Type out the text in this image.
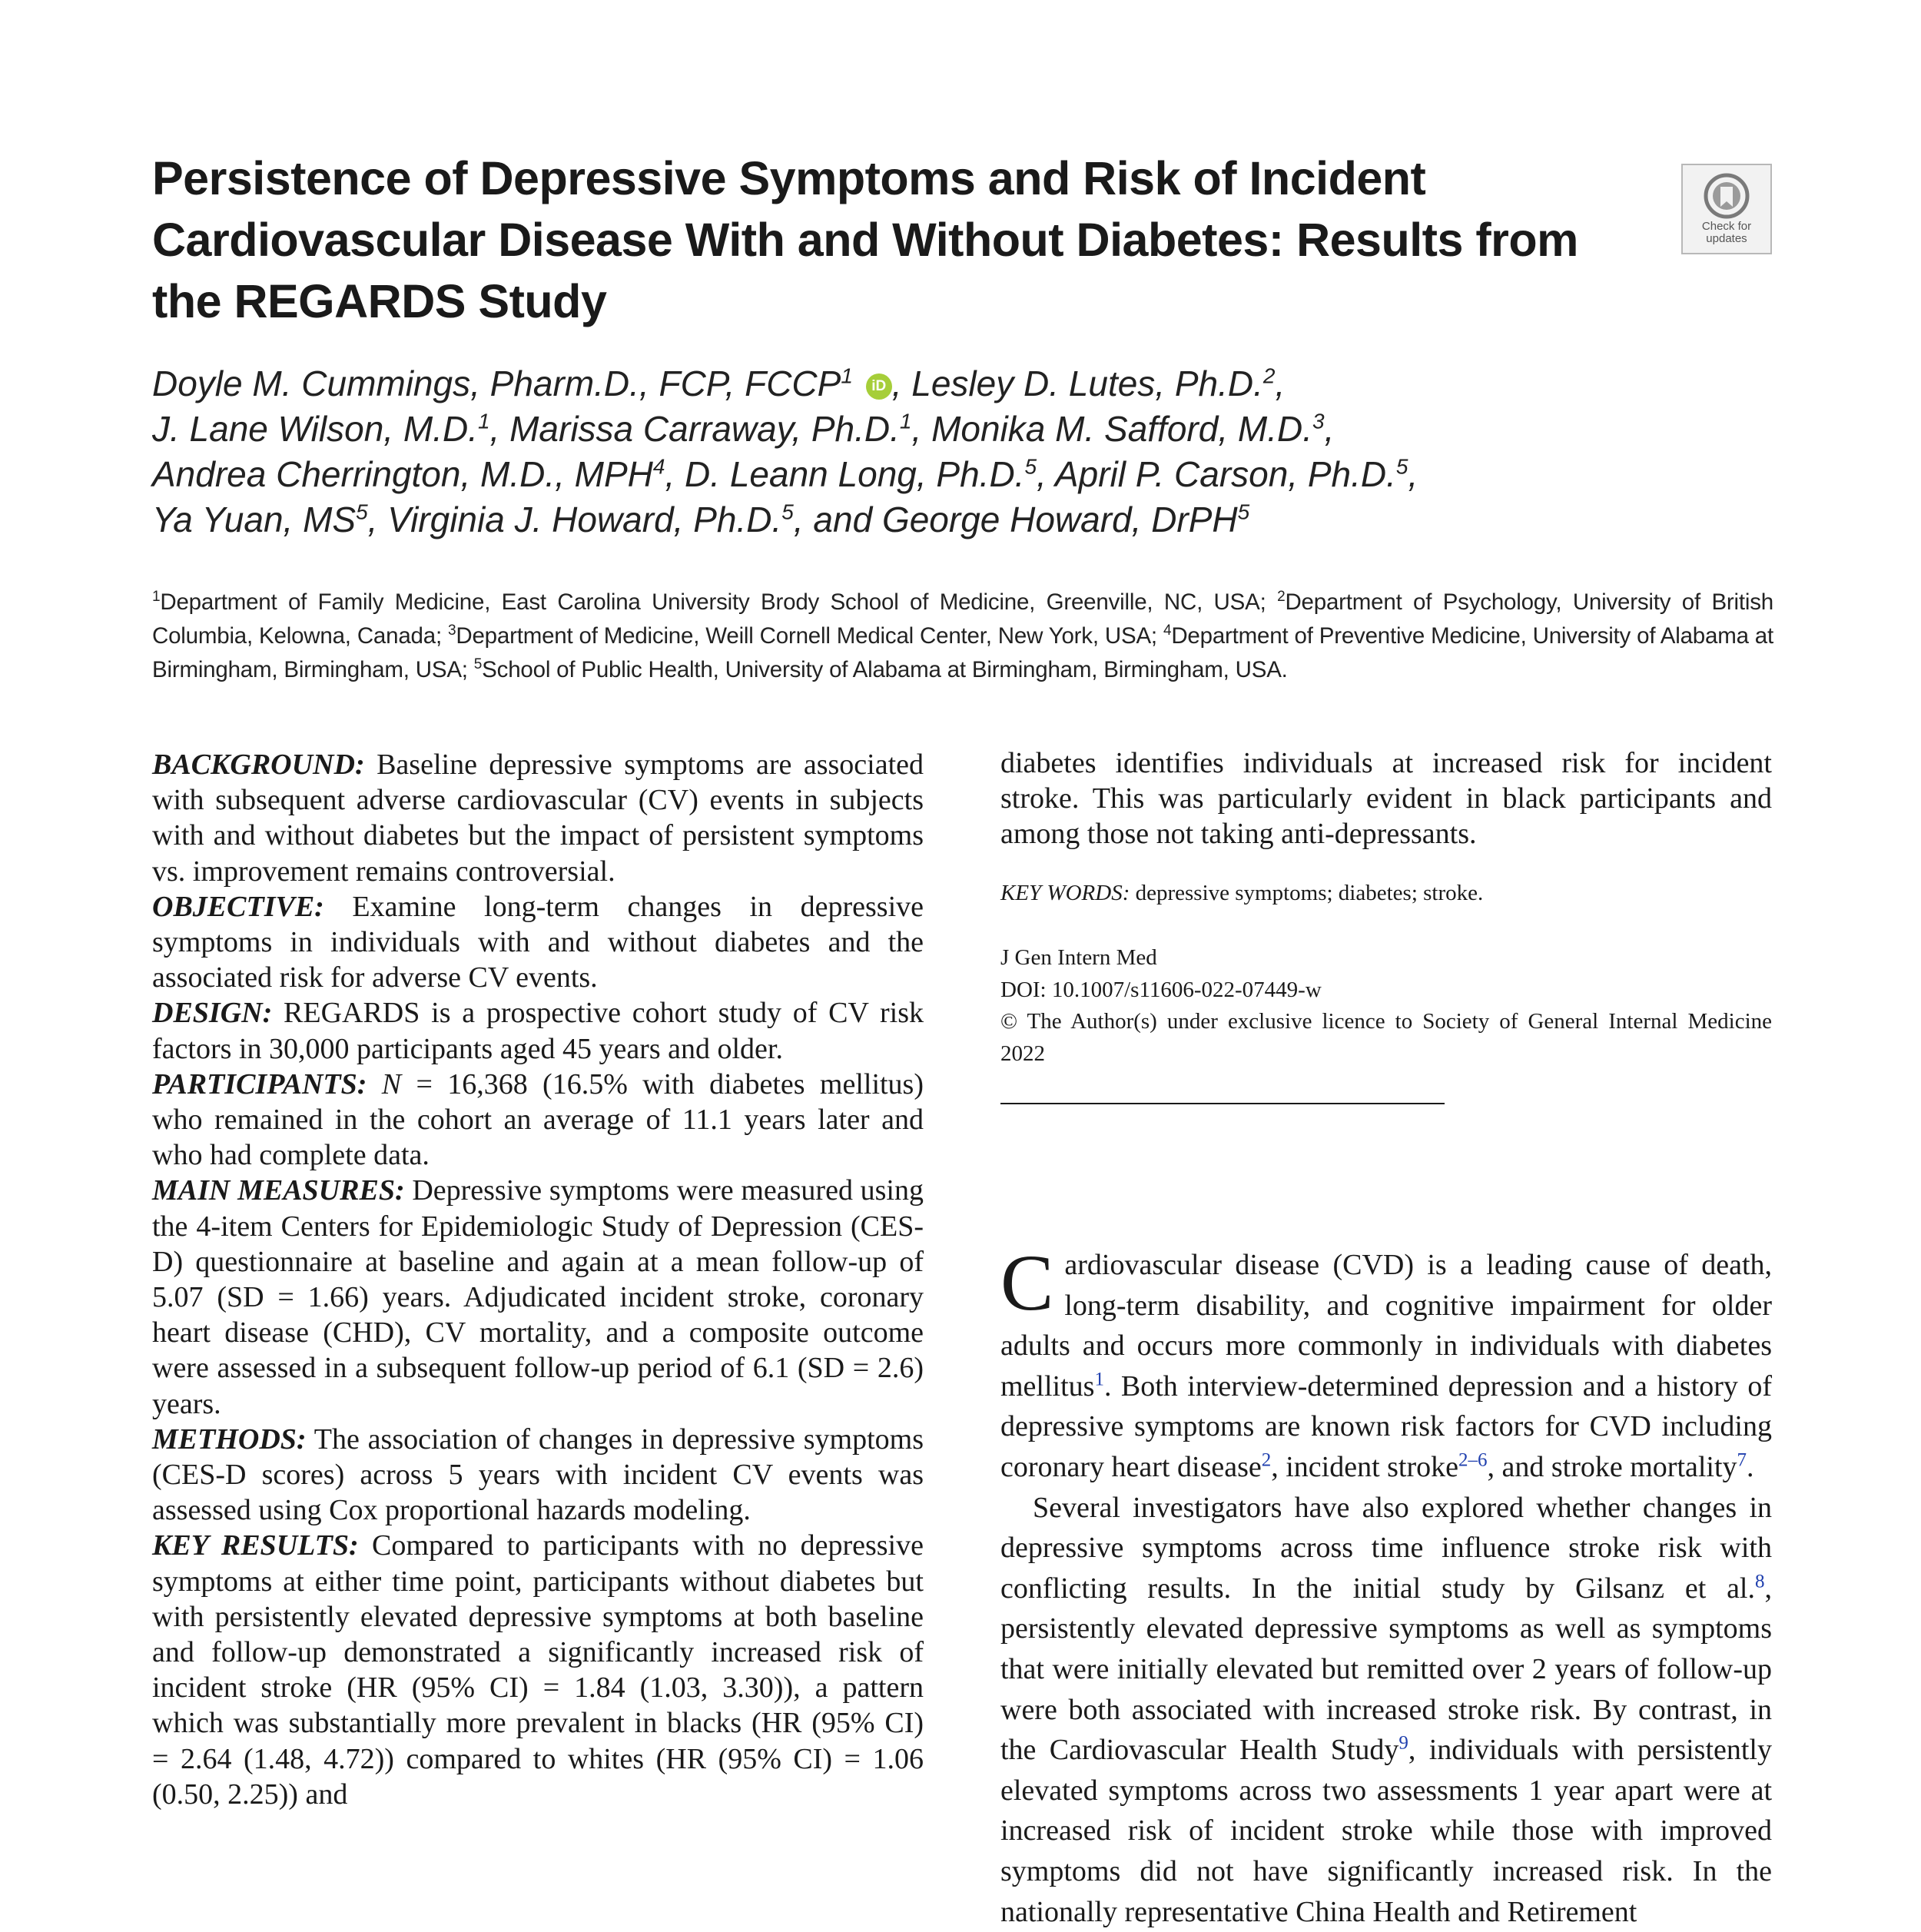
Persistence of Depressive Symptoms and Risk of Incident Cardiovascular Disease With and Without Diabetes: Results from the REGARDS Study
Check for updates
Doyle M. Cummings, Pharm.D., FCP, FCCP$^1$ iD , Lesley D. Lutes, Ph.D.$^2$,
J. Lane Wilson, M.D.$^1$, Marissa Carraway, Ph.D.$^1$, Monika M. Safford, M.D.$^3$,
Andrea Cherrington, M.D., MPH$^4$, D. Leann Long, Ph.D.$^5$, April P. Carson, Ph.D.$^5$,
Ya Yuan, $MS^5$, Virginia J. Howard, Ph.D.$^5$, and George Howard, DrPH$^5$
$^1$Department of Family Medicine, East Carolina University Brody School of Medicine, Greenville, NC, USA; $^2$Department of Psychology, University of British Columbia, Kelowna, Canada; $^3$Department of Medicine, Weill Cornell Medical Center, New York, USA; $^4$Department of Preventive Medicine, University of Alabama at Birmingham, Birmingham, USA; $^5$School of Public Health, University of Alabama at Birmingham, Birmingham, USA.

BACKGROUND: Baseline depressive symptoms are associated with subsequent adverse cardiovascular (CV) events in subjects with and without diabetes but the impact of persistent symptoms vs. improvement remains controversial.

OBJECTIVE: Examine long-term changes in depressive symptoms in individuals with and without diabetes and the associated risk for adverse CV events.

DESIGN: REGARDS is a prospective cohort study of CV risk factors in 30,000 participants aged 45 years and older.

PARTICIPANTS: N = 16,368 (16.5% with diabetes mellitus) who remained in the cohort an average of 11.1 years later and who had complete data.

MAIN MEASURES: Depressive symptoms were measured using the 4-item Centers for Epidemiologic Study of Depression (CES-D) questionnaire at baseline and again at a mean follow-up of 5.07 (SD = 1.66) years. Adjudicated incident stroke, coronary heart disease (CHD), CV mortality, and a composite outcome were assessed in a subsequent follow-up period of 6.1 (SD = 2.6) years.

METHODS: The association of changes in depressive symptoms (CES-D scores) across 5 years with incident CV events was assessed using Cox proportional hazards modeling.

KEY RESULTS: Compared to participants with no depressive symptoms at either time point, participants without diabetes but with persistently elevated depressive symptoms at both baseline and follow-up demonstrated a significantly increased risk of incident stroke (HR (95% CI) = 1.84 (1.03, 3.30)), a pattern which was substantially more prevalent in blacks (HR (95% CI) = 2.64 (1.48, 4.72)) compared to whites (HR (95% CI) = 1.06 (0.50, 2.25)) and

diabetes identifies individuals at increased risk for incident stroke. This was particularly evident in black participants and among those not taking anti-depressants.

KEY WORDS: depressive symptoms; diabetes; stroke.
J Gen Intern Med
DOI: 10.1007/s11606-022-07449-w
© The Author(s) under exclusive licence to Society of General Internal Medicine 2022

Cardiovascular disease (CVD) is a leading cause of death, long-term disability, and cognitive impairment for older adults and occurs more commonly in individuals with diabetes mellitus$^1$. Both interview-determined depression and a history of depressive symptoms are known risk factors for CVD including coronary heart disease$^2$, incident stroke$^{2-6}$, and stroke mortality$^7$.

Several investigators have also explored whether changes in depressive symptoms across time influence stroke risk with conflicting results. In the initial study by Gilsanz et al.$^8$, persistently elevated depressive symptoms as well as symptoms that were initially elevated but remitted over 2 years of follow-up were both associated with increased stroke risk. By contrast, in the Cardiovascular Health Study$^9$, individuals with persistently elevated symptoms across two assessments 1 year apart were at increased risk of incident stroke while those with improved symptoms did not have significantly increased risk. In the nationally representative China Health and Retirement
